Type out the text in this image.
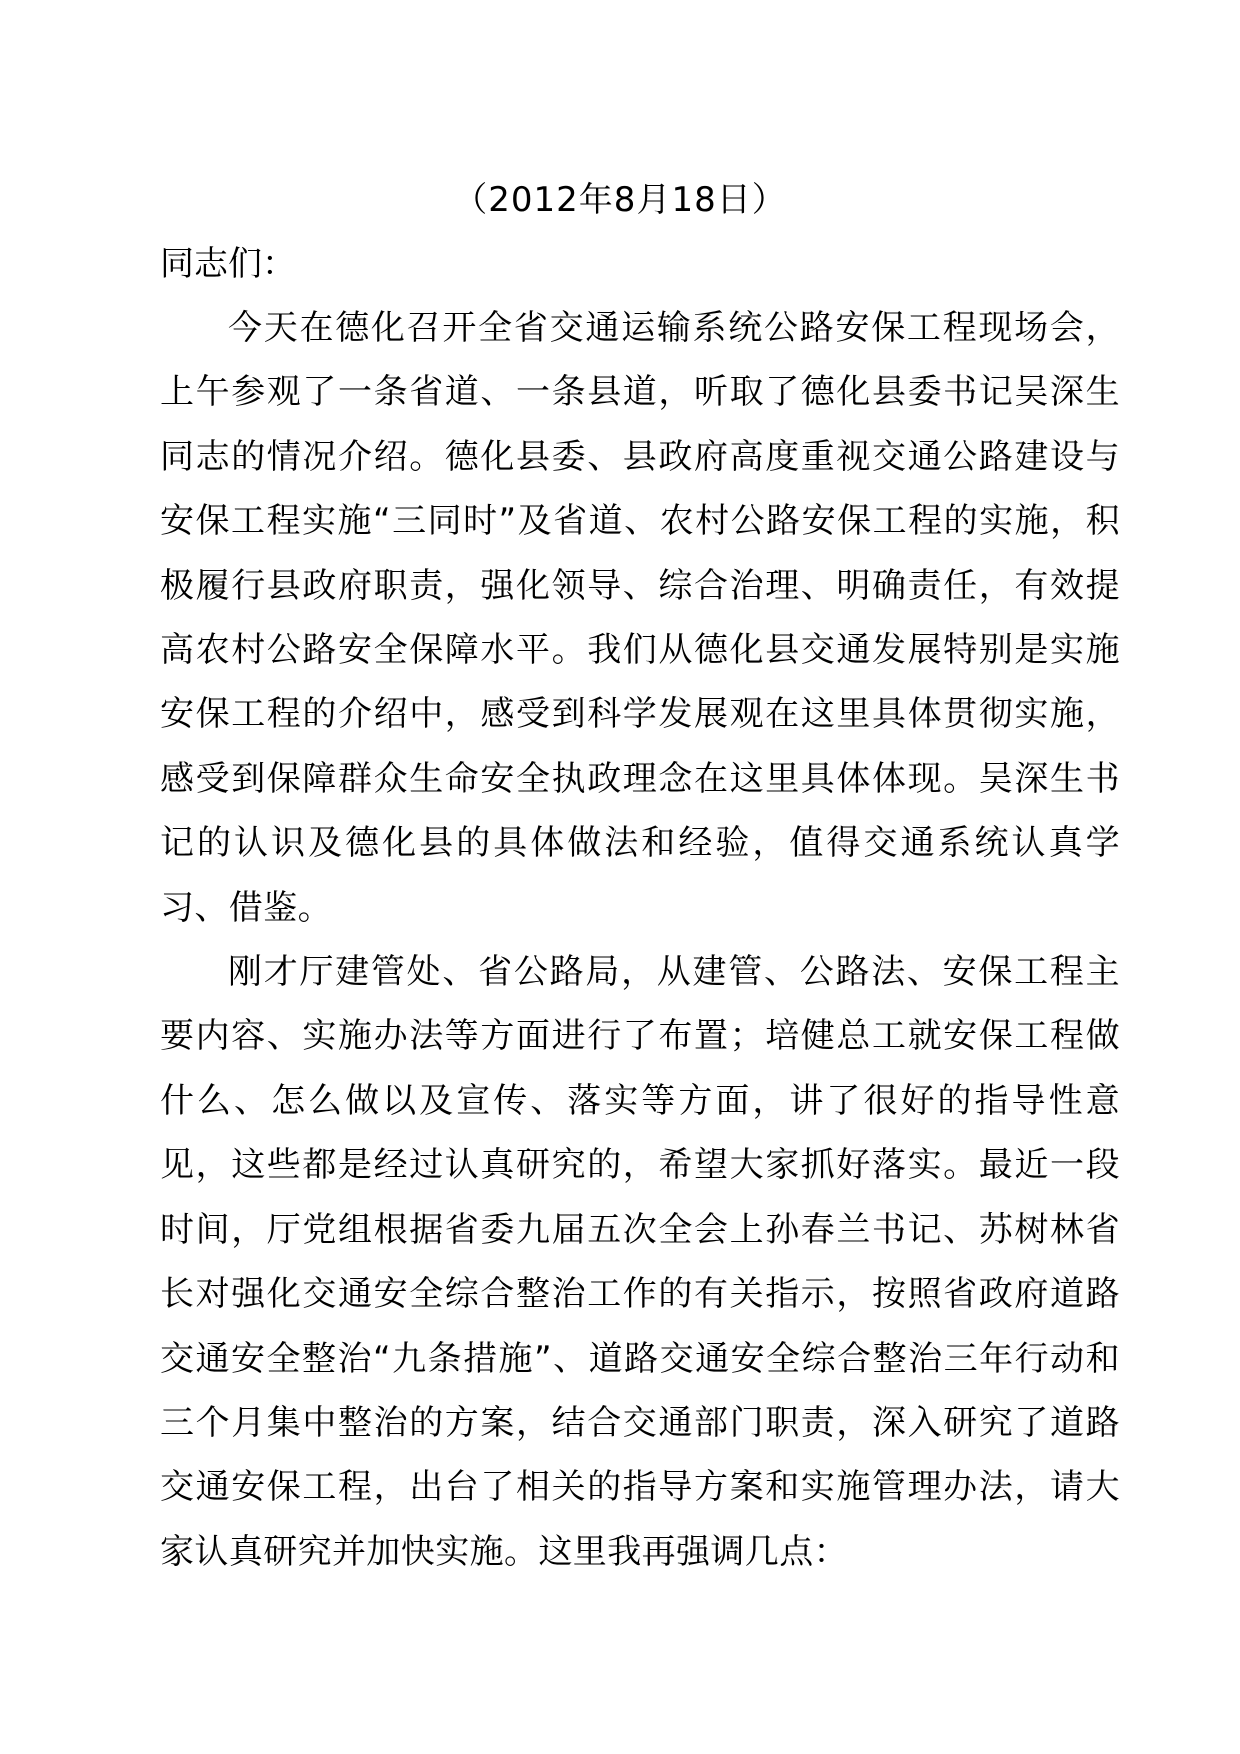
（2012年8月18日）
同志们：

今天在德化召开全省交通运输系统公路安保工程现场会，上午参观了一条省道、一条县道，听取了德化县委书记吴深生同志的情况介绍。德化县委、县政府高度重视交通公路建设与安保工程实施“三同时”及省道、农村公路安保工程的实施，积极履行县政府职责，强化领导、综合治理、明确责任，有效提高农村公路安全保障水平。我们从德化县交通发展特别是实施安保工程的介绍中，感受到科学发展观在这里具体贯彻实施，感受到保障群众生命安全执政理念在这里具体体现。吴深生书记的认识及德化县的具体做法和经验，值得交通系统认真学习、借鉴。

刚才厅建管处、省公路局，从建管、公路法、安保工程主要内容、实施办法等方面进行了布置；培健总工就安保工程做什么、怎么做以及宣传、落实等方面，讲了很好的指导性意见，这些都是经过认真研究的，希望大家抓好落实。最近一段时间，厅党组根据省委九届五次全会上孙春兰书记、苏树林省长对强化交通安全综合整治工作的有关指示，按照省政府道路交通安全整治“九条措施”、道路交通安全综合整治三年行动和三个月集中整治的方案，结合交通部门职责，深入研究了道路交通安保工程，出台了相关的指导方案和实施管理办法，请大家认真研究并加快实施。这里我再强调几点：
